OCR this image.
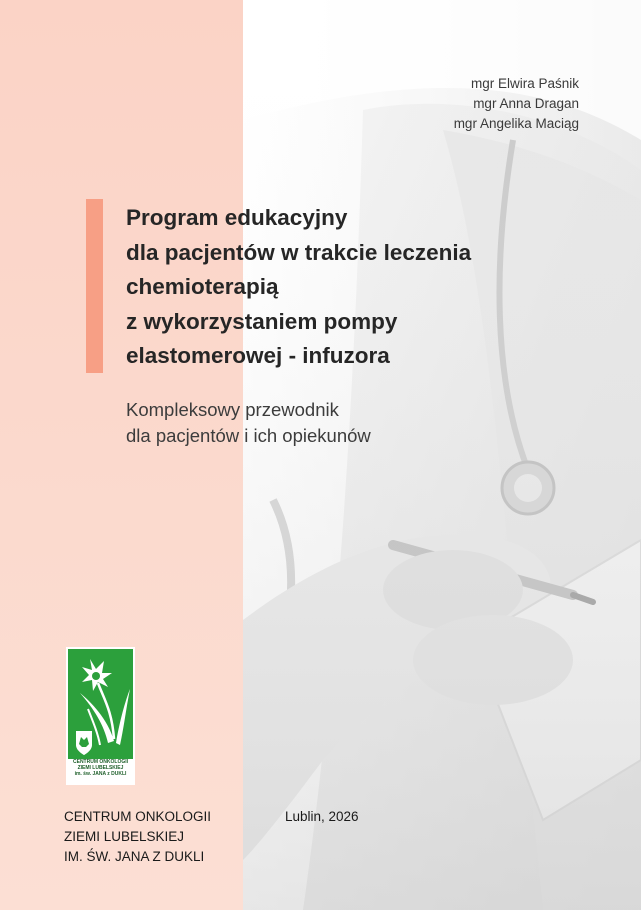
mgr Elwira Paśnik
mgr Anna Dragan
mgr Angelika Maciąg
Program edukacyjny
dla pacjentów w trakcie leczenia
chemioterapią
z wykorzystaniem pompy
elastomerowej - infuzora
Kompleksowy przewodnik
dla pacjentów i ich opiekunów
CENTRUM ONKOLOGII
ZIEMI LUBELSKIEJ
im. św. JANA z DUKLI
CENTRUM ONKOLOGII
ZIEMI LUBELSKIEJ
IM. ŚW. JANA Z DUKLI
Lublin, 2026
